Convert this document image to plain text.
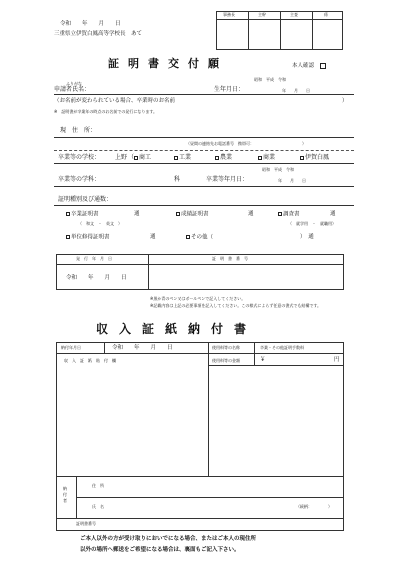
令和　　年　　月　　日
三重県立伊賀白鳳高等学校長　あて
事務長	主幹	主査	係
証明書交付願	本人確認
昭和　平成　令和
ふりがな
申請者氏名：	生年月日：	年　　月　　日
（お名前が変わられている場合、卒業時のお名前	）
※　証明書が卒業年の時点のお名前での発行になります。
現　住　所：
（昼間の連絡先お電話番号　携帯可：　　　　　　　　　　　　）
卒業等の学校： 上野 （ 商工	工業	農業	商業	伊賀白鳳
昭和　平成　令和
卒業等の学科：	科	卒業等年月日：	年　　月　　日
証明種別及び通数：
卒業証明書	通	成績証明書	通	調査書	通
（　和文　・　英文　）	（　就学用　・　就職用）
単位修得証明書	通	その他（	）　通
発　行　年　月　日	証　明　書　番　号
令和　　年　　月　　日
※黒か青のペン又はボールペンで記入してください。
※記載内容は上記の必要事項を記入してください。この様式によらず任意の書式でも結構です。
収入証紙納付書
納付年月日	令和　　年　　月　　日	使用料等の名称	卒業・その他証明手数料
収　入　証　紙　貼　付　欄	使用料等の金額	￥	円
納付者
住　所
氏　名	（続柄：　　　　）
証明書番号
ご本人以外の方が受け取りにおいでになる場合、またはご本人の現住所
以外の場所へ郵送をご希望になる場合は、裏面もご記入下さい。
